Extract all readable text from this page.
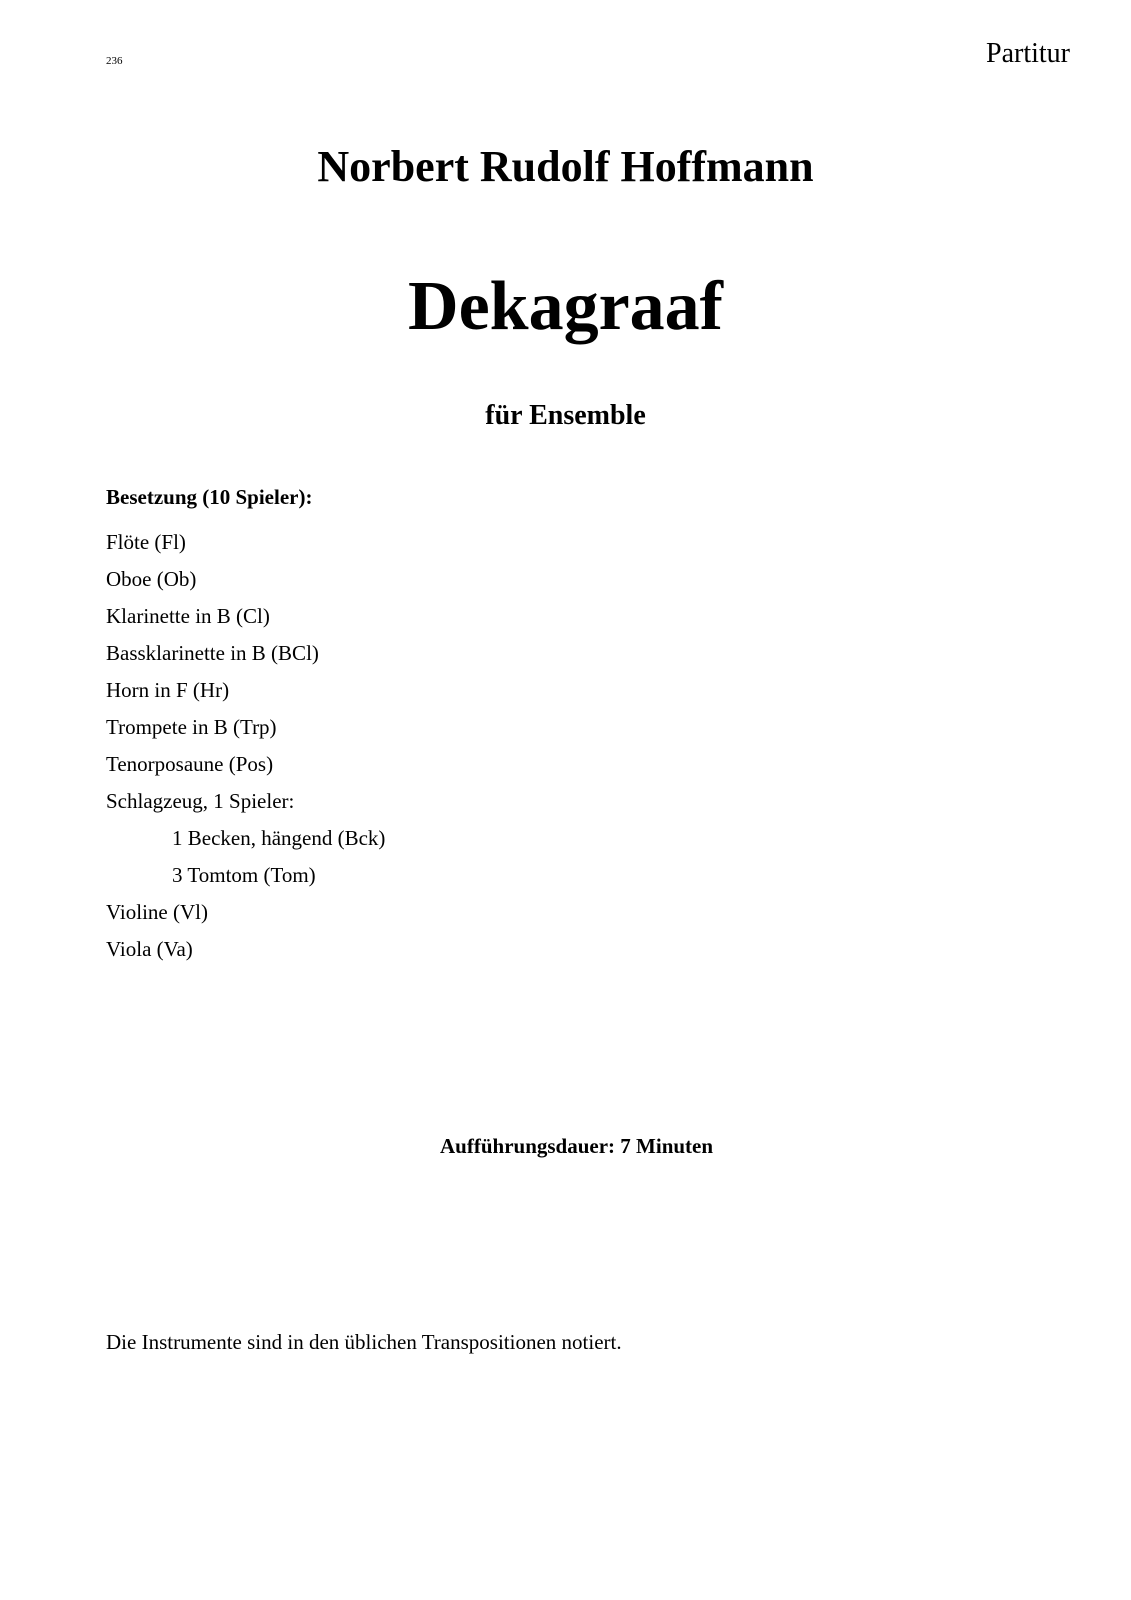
236	Partitur
Norbert Rudolf Hoffmann
Dekagraaf
für Ensemble
Besetzung (10 Spieler):
Flöte (Fl)
Oboe (Ob)
Klarinette in B (Cl)
Bassklarinette in B (BCl)
Horn in F (Hr)
Trompete in B (Trp)
Tenorposaune (Pos)
Schlagzeug, 1 Spieler:
1 Becken, hängend (Bck)
3 Tomtom (Tom)
Violine (Vl)
Viola (Va)
Aufführungsdauer: 7 Minuten
Die Instrumente sind in den üblichen Transpositionen notiert.
